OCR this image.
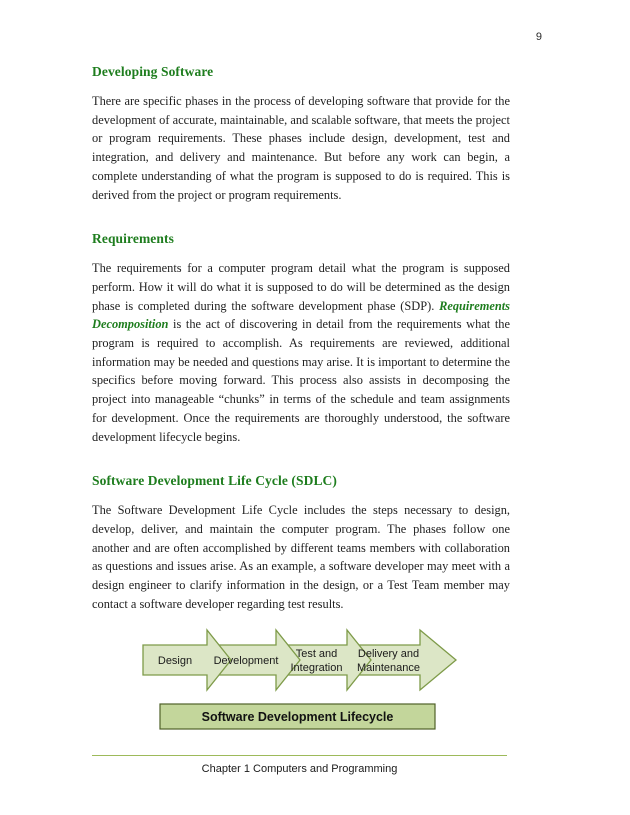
9
Developing Software

There are specific phases in the process of developing software that provide for the development of accurate, maintainable, and scalable software, that meets the project or program requirements. These phases include design, development, test and integration, and delivery and maintenance. But before any work can begin, a complete understanding of what the program is supposed to do is required. This is derived from the project or program requirements.

Requirements

The requirements for a computer program detail what the program is supposed perform. How it will do what it is supposed to do will be determined as the design phase is completed during the software development phase (SDP). Requirements Decomposition is the act of discovering in detail from the requirements what the program is required to accomplish. As requirements are reviewed, additional information may be needed and questions may arise. It is important to determine the specifics before moving forward. This process also assists in decomposing the project into manageable “chunks” in terms of the schedule and team assignments for development. Once the requirements are thoroughly understood, the software development lifecycle begins.

Software Development Life Cycle (SDLC)

The Software Development Life Cycle includes the steps necessary to design, develop, deliver, and maintain the computer program. The phases follow one another and are often accomplished by different teams members with collaboration as questions and issues arise. As an example, a software developer may meet with a design engineer to clarify information in the design, or a Test Team member may contact a software developer regarding test results.

Design Development
Test and
Integration
Delivery and
Maintenance
Software Development Lifecycle
Chapter 1 Computers and Programming
